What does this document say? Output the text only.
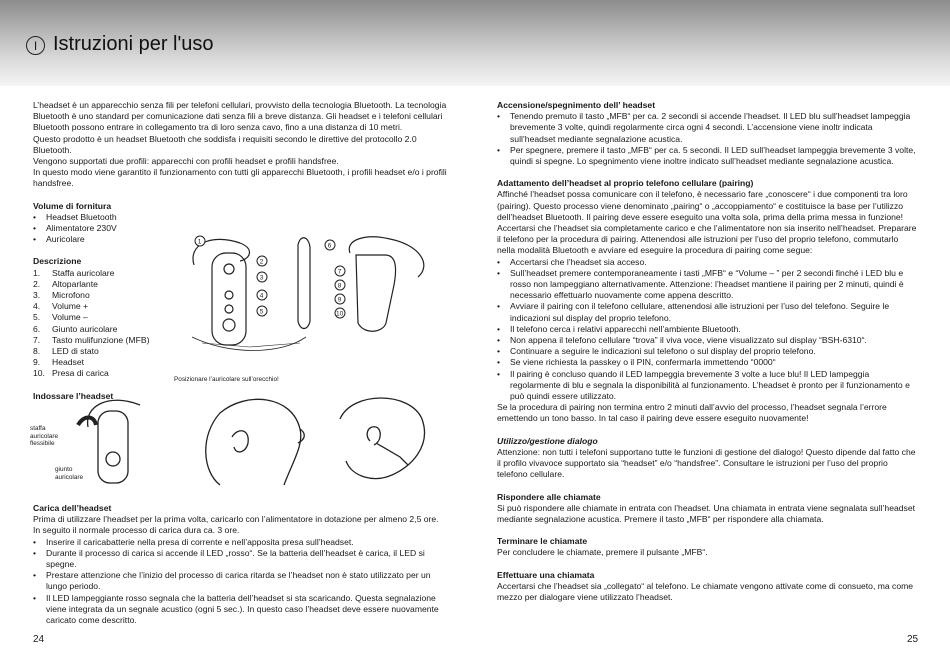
I Istruzioni per l'uso

L’headset è un apparecchio senza fili per telefoni cellulari, provvisto della tecnologia Bluetooth. La tecnologia

Bluetooth è uno standard per comunicazione dati senza fili a breve distanza. Gli headset e i telefoni cellulari

Bluetooth possono entrare in collegamento tra di loro senza cavo, fino a una distanza di 10 metri.

Questo prodotto è un headset Bluetooth che soddisfa i requisiti secondo le direttive del protocollo 2.0 Bluetooth.

Vengono supportati due profili: apparecchi con profili headset e profili handsfree.

In questo modo viene garantito il funzionamento con tutti gli apparecchi Bluetooth, i profili headset e/o i profili

handsfree.

Volume di fornitura

• Headset Bluetooth
• Alimentatore 230V
• Auricolare

Descrizione

1.	Staffa auricolare
2.	Altoparlante
3.	Microfono
4.	Volume +
5.	Volume –
6.	Giunto auricolare
7.	Tasto mulifunzione (MFB)
8.	LED di stato
9.	Headset
10. Presa di carica

Indossare l’headset

1
2
3
4
5
6
7
8
9
10
Posizionare l’auricolare sull’orecchio!
staffa
auricolare
flessibile
giunto
auricolare

Carica dell’headset

Prima di utilizzare l’headset per la prima volta, caricarlo con l’alimentatore in dotazione per almeno 2,5 ore.

In seguito il normale processo di carica dura ca. 3 ore.

• Inserire il caricabatterie nella presa di corrente e nell’apposita presa sull’headset.
• Durante il processo di carica si accende il LED „rosso“. Se la batteria dell’headset è carica, il LED si spegne.
• Prestare attenzione che l’inizio del processo di carica ritarda se l’headset non è stato utilizzato per un lungo periodo.
• Il LED lampeggiante rosso segnala che la batteria dell’headset si sta scaricando. Questa segnalazione viene integrata da un segnale acustico (ogni 5 sec.). In questo caso l’headset deve essere nuovamente caricato come descritto.
24

Accensione/spegnimento dell’ headset

• Tenendo premuto il tasto „MFB“ per ca. 2 secondi si accende l’headset. Il LED blu sull’headset lampeggia brevemente 3 volte, quindi regolarmente circa ogni 4 secondi. L’accensione viene inoltr indicata sull’headset mediante segnalazione acustica.
• Per spegnere, premere il tasto „MFB“ per ca. 5 secondi. Il LED sull’headset lampeggia brevemente 3 volte, quindi si spegne. Lo spegnimento viene inoltre indicato sull’headset mediante segnalazione acustica.

Adattamento dell’headset al proprio telefono cellulare (pairing)

Affinché l’headset possa comunicare con il telefono, è necessario fare „conoscere“ i due componenti tra loro (pairing). Questo processo viene denominato „pairing“ o „accoppiamento“ e costituisce la base per l’utilizzo dell’headset Bluetooth. Il pairing deve essere eseguito una volta sola, prima della prima messa in funzione! Accertarsi che l’headset sia completamente carico e che l’alimentatore non sia inserito nell’headset. Preparare il telefono per la procedura di pairing. Attenendosi alle istruzioni per l’uso del proprio telefono, commutarlo nella modalità Bluetooth e avviare ed eseguire la procedura di pairing come segue:

• Accertarsi che l’headset sia acceso.
• Sull’headset premere contemporaneamente i tasti „MFB“ e “Volume – ” per 2 secondi finché i LED blu e rosso non lampeggiano alternativamente. Attenzione: l’headset mantiene il pairing per 2 minuti, quindi è necessario effettuarlo nuovamente come appena descritto.
• Avviare il pairing con il telefono cellulare, attenendosi alle istruzioni per l’uso del telefono. Seguire le indicazioni sul display del proprio telefono.
• Il telefono cerca i relativi apparecchi nell’ambiente Bluetooth.
• Non appena il telefono cellulare “trova” il viva voce, viene visualizzato sul display “BSH-6310“.
• Continuare a seguire le indicazioni sul telefono o sul display del proprio telefono.
• Se viene richiesta la passkey o il PIN, confermarla immettendo “0000“
• Il pairing è concluso quando il LED lampeggia brevemente 3 volte a luce blu! Il LED lampeggia regolarmente di blu e segnala la disponibilità al funzionamento. L’headset è pronto per il funzionamento e può quindi essere utilizzato.

Se la procedura di pairing non termina entro 2 minuti dall’avvio del processo, l’headset segnala l’errore emettendo un tono basso. In tal caso il pairing deve essere eseguito nuovamente!

Utilizzo/gestione dialogo

Attenzione: non tutti i telefoni supportano tutte le funzioni di gestione del dialogo! Questo dipende dal fatto che il profilo vivavoce supportato sia “headset” e/o “handsfree”. Consultare le istruzioni per l’uso del proprio telefono cellulare.

Rispondere alle chiamate

Si può rispondere alle chiamate in entrata con l’headset. Una chiamata in entrata viene segnalata sull’headset mediante segnalazione acustica. Premere il tasto „MFB“ per rispondere alla chiamata.

Terminare le chiamate

Per concludere le chiamate, premere il pulsante „MFB“.

Effettuare una chiamata

Accertarsi che l’headset sia „collegato“ al telefono. Le chiamate vengono attivate come di consueto, ma come mezzo per dialogare viene utilizzato l’headset.

25
